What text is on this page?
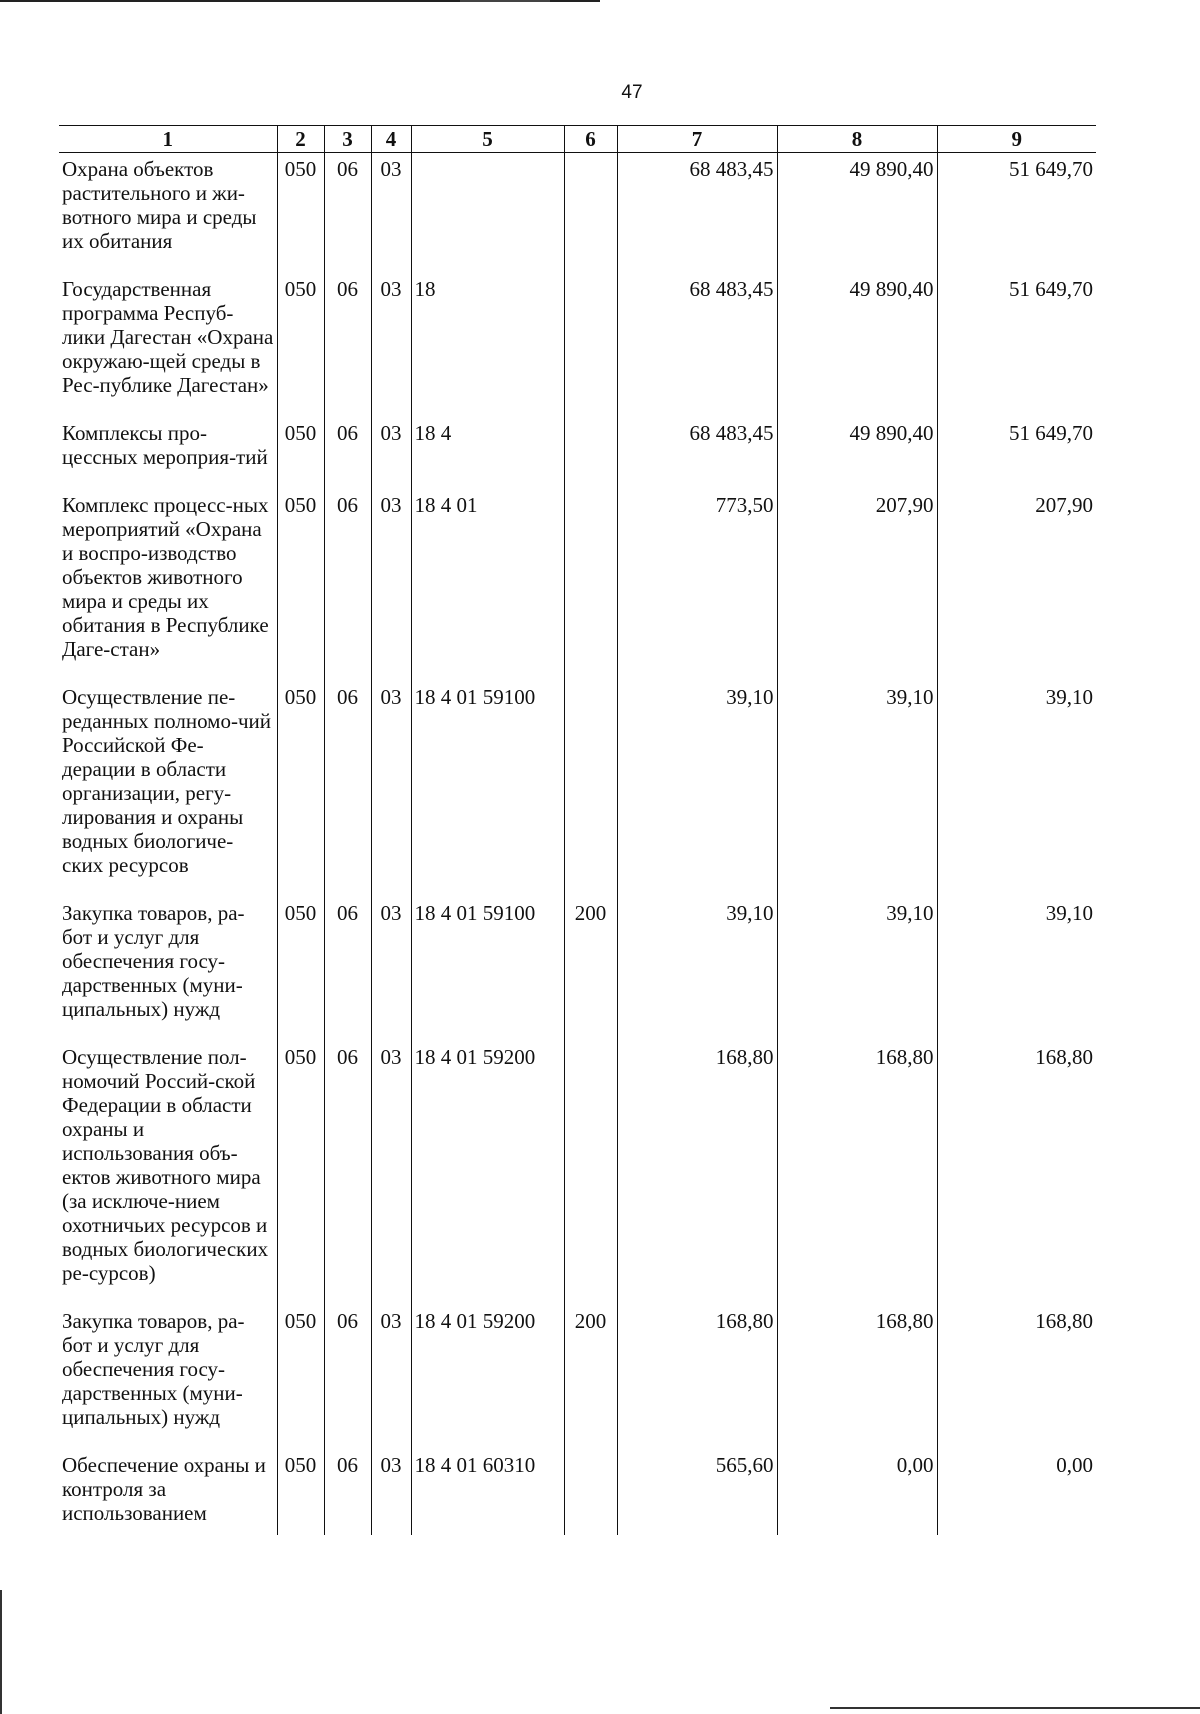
47
1	2	3	4	5	6	7	8	9
Охрана объектов растительного и жи-вотного мира и среды их обитания	050	06	03			68 483,45	49 890,40	51 649,70
Государственная программа Респуб-лики Дагестан «Охрана окружаю-щей среды в Рес-публике Дагестан»	050	06	03	18		68 483,45	49 890,40	51 649,70
Комплексы про-цессных мероприя-тий	050	06	03	18 4		68 483,45	49 890,40	51 649,70
Комплекс процесс-ных мероприятий «Охрана и воспро-изводство объектов животного мира и среды их обитания в Республике Даге-стан»	050	06	03	18 4 01		773,50	207,90	207,90
Осуществление пе-реданных полномо-чий Российской Фе-дерации в области организации, регу-лирования и охраны водных биологиче-ских ресурсов	050	06	03	18 4 01 59100		39,10	39,10	39,10
Закупка товаров, ра-бот и услуг для обеспечения госу-дарственных (муни-ципальных) нужд	050	06	03	18 4 01 59100	200	39,10	39,10	39,10
Осуществление пол-номочий Россий-ской Федерации в области охраны и использования объ-ектов животного мира (за исключе-нием охотничьих ресурсов и водных биологических ре-сурсов)	050	06	03	18 4 01 59200		168,80	168,80	168,80
Закупка товаров, ра-бот и услуг для обеспечения госу-дарственных (муни-ципальных) нужд	050	06	03	18 4 01 59200	200	168,80	168,80	168,80
Обеспечение охраны и контроля за использованием	050	06	03	18 4 01 60310		565,60	0,00	0,00
